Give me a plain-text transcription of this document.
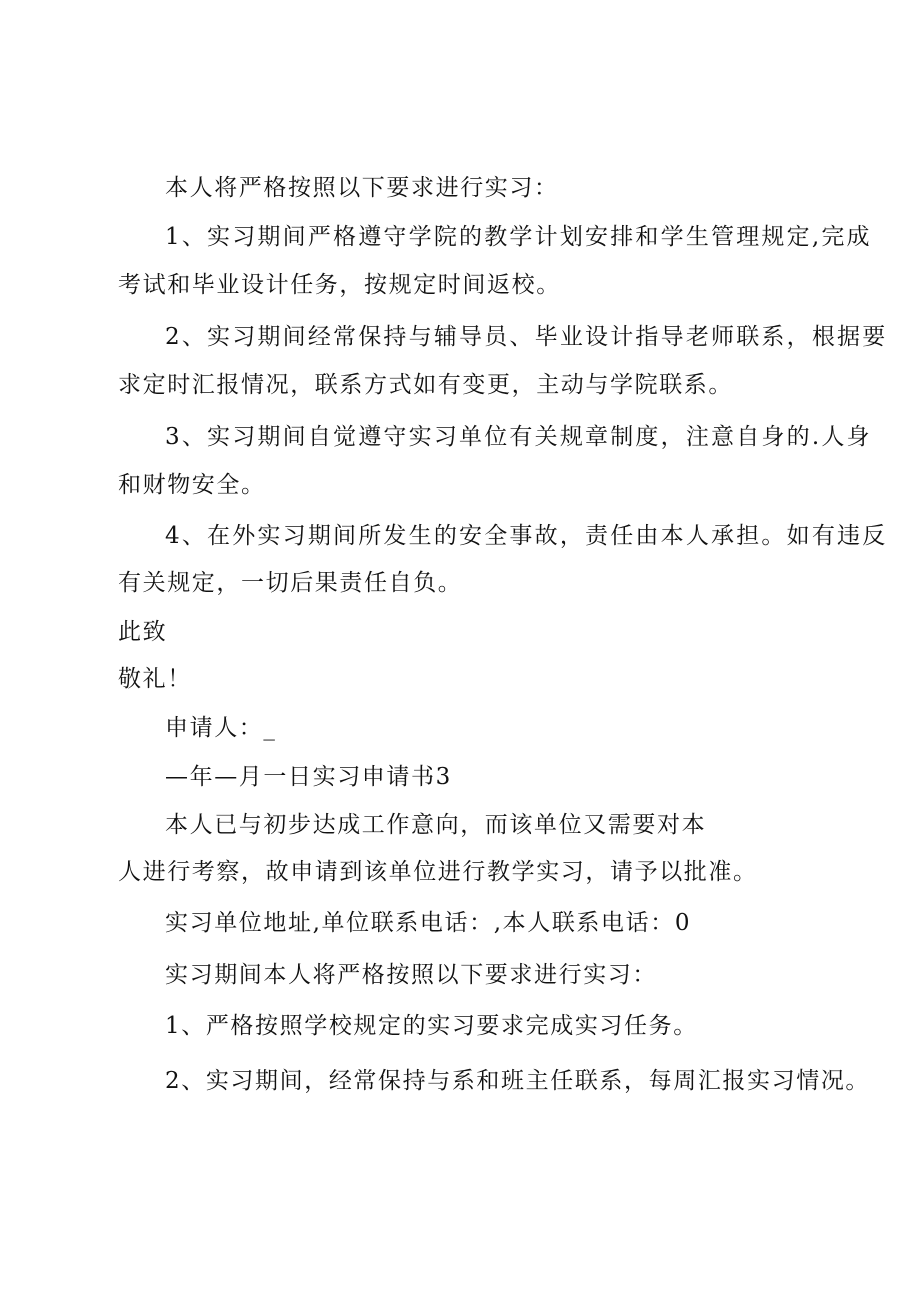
本人将严格按照以下要求进行实习：
1、实习期间严格遵守学院的教学计划安排和学生管理规定,完成
考试和毕业设计任务，按规定时间返校。
2、实习期间经常保持与辅导员、毕业设计指导老师联系，根据要
求定时汇报情况，联系方式如有变更，主动与学院联系。
3、实习期间自觉遵守实习单位有关规章制度，注意自身的.人身
和财物安全。
4、在外实习期间所发生的安全事故，责任由本人承担。如有违反
有关规定，一切后果责任自负。
此致
敬礼！
申请人：_
—年—月一日实习申请书3
本人已与初步达成工作意向，而该单位又需要对本
人进行考察，故申请到该单位进行教学实习，请予以批准。
实习单位地址,单位联系电话：,本人联系电话：0
实习期间本人将严格按照以下要求进行实习：
1、严格按照学校规定的实习要求完成实习任务。
2、实习期间，经常保持与系和班主任联系，每周汇报实习情况。
